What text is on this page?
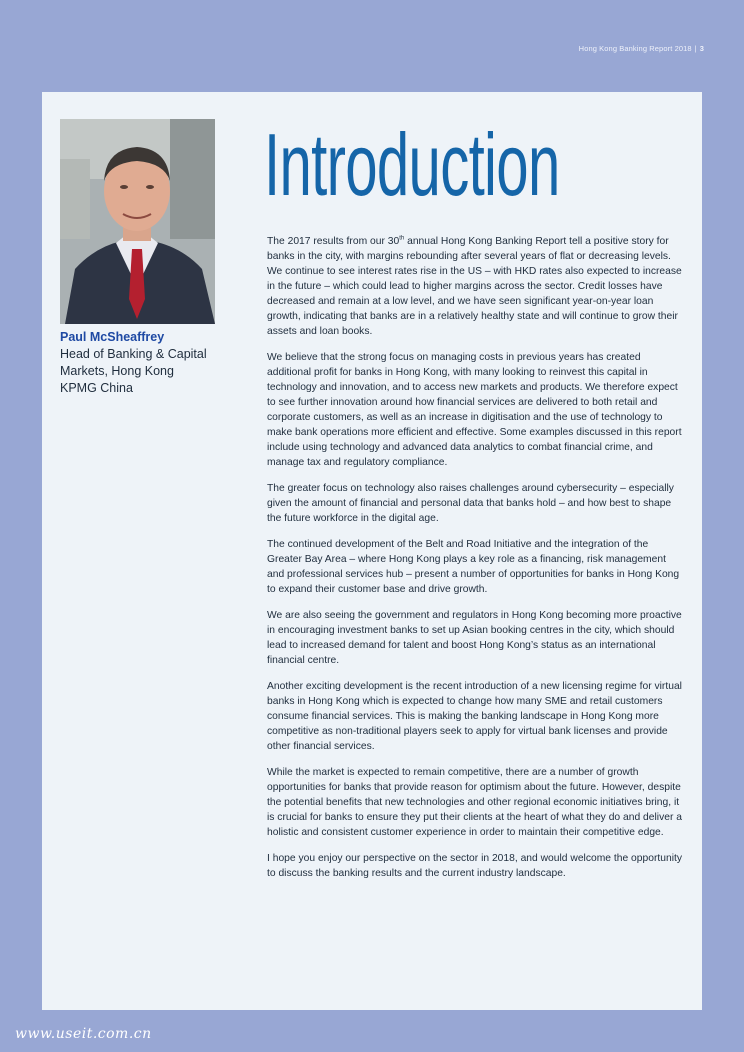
Hong Kong Banking Report 2018 | 3
Paul McSheaffrey
Head of Banking & Capital
Markets, Hong Kong
KPMG China
Introduction

The 2017 results from our 30th annual Hong Kong Banking Report tell a positive story for banks in the city, with margins rebounding after several years of flat or decreasing levels. We continue to see interest rates rise in the US – with HKD rates also expected to increase in the future – which could lead to higher margins across the sector. Credit losses have decreased and remain at a low level, and we have seen significant year-on-year loan growth, indicating that banks are in a relatively healthy state and will continue to grow their assets and loan books.

We believe that the strong focus on managing costs in previous years has created additional profit for banks in Hong Kong, with many looking to reinvest this capital in technology and innovation, and to access new markets and products. We therefore expect to see further innovation around how financial services are delivered to both retail and corporate customers, as well as an increase in digitisation and the use of technology to make bank operations more efficient and effective. Some examples discussed in this report include using technology and advanced data analytics to combat financial crime, and manage tax and regulatory compliance.

The greater focus on technology also raises challenges around cybersecurity – especially given the amount of financial and personal data that banks hold – and how best to shape the future workforce in the digital age.

The continued development of the Belt and Road Initiative and the integration of the Greater Bay Area – where Hong Kong plays a key role as a financing, risk management and professional services hub – present a number of opportunities for banks in Hong Kong to expand their customer base and drive growth.

We are also seeing the government and regulators in Hong Kong becoming more proactive in encouraging investment banks to set up Asian booking centres in the city, which should lead to increased demand for talent and boost Hong Kong’s status as an international financial centre.

Another exciting development is the recent introduction of a new licensing regime for virtual banks in Hong Kong which is expected to change how many SME and retail customers consume financial services. This is making the banking landscape in Hong Kong more competitive as non-traditional players seek to apply for virtual bank licenses and provide other financial services.

While the market is expected to remain competitive, there are a number of growth opportunities for banks that provide reason for optimism about the future. However, despite the potential benefits that new technologies and other regional economic initiatives bring, it is crucial for banks to ensure they put their clients at the heart of what they do and deliver a holistic and consistent customer experience in order to maintain their competitive edge.

I hope you enjoy our perspective on the sector in 2018, and would welcome the opportunity to discuss the banking results and the current industry landscape.

www.useit.com.cn
